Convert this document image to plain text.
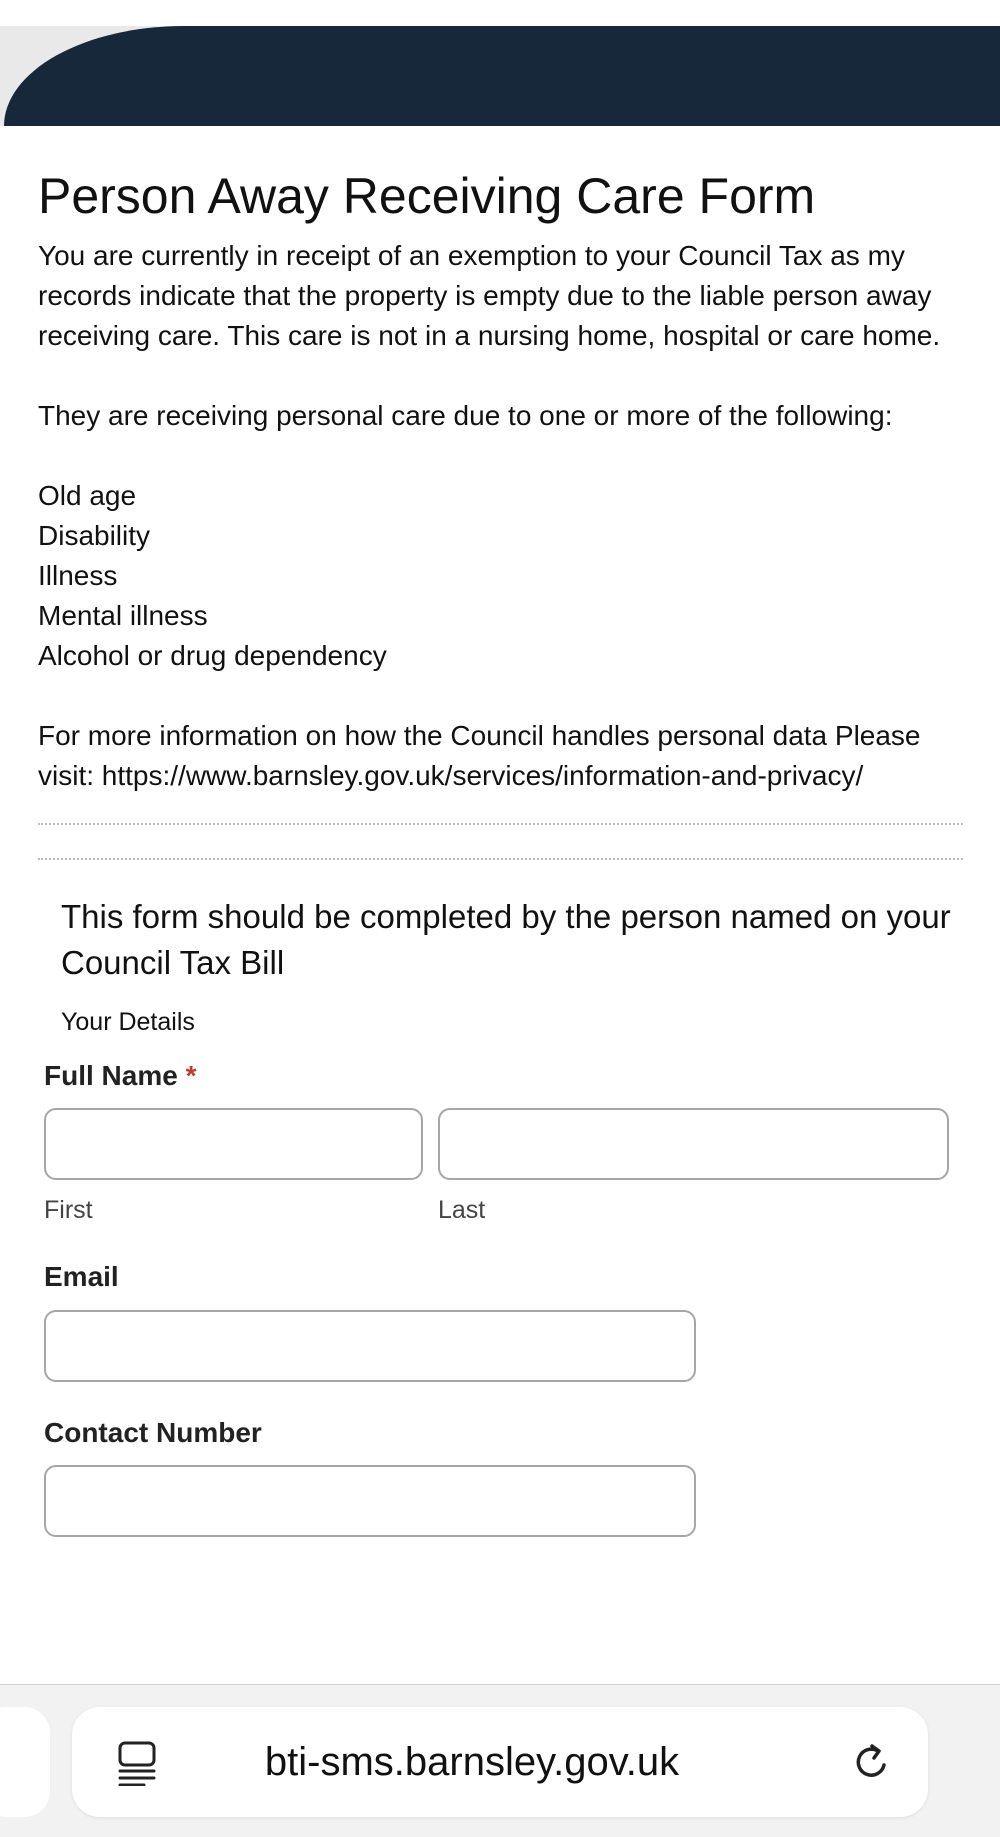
Person Away Receiving Care Form

You are currently in receipt of an exemption to your Council Tax as my records indicate that the property is empty due to the liable person away receiving care. This care is not in a nursing home, hospital or care home.

They are receiving personal care due to one or more of the following:

Old age
Disability
Illness
Mental illness
Alcohol or drug dependency

For more information on how the Council handles personal data Please visit: https://www.barnsley.gov.uk/services/information-and-privacy/

This form should be completed by the person named on your Council Tax Bill
Your Details
Full Name *
First	Last
Email
Contact Number
bti-sms.barnsley.gov.uk
